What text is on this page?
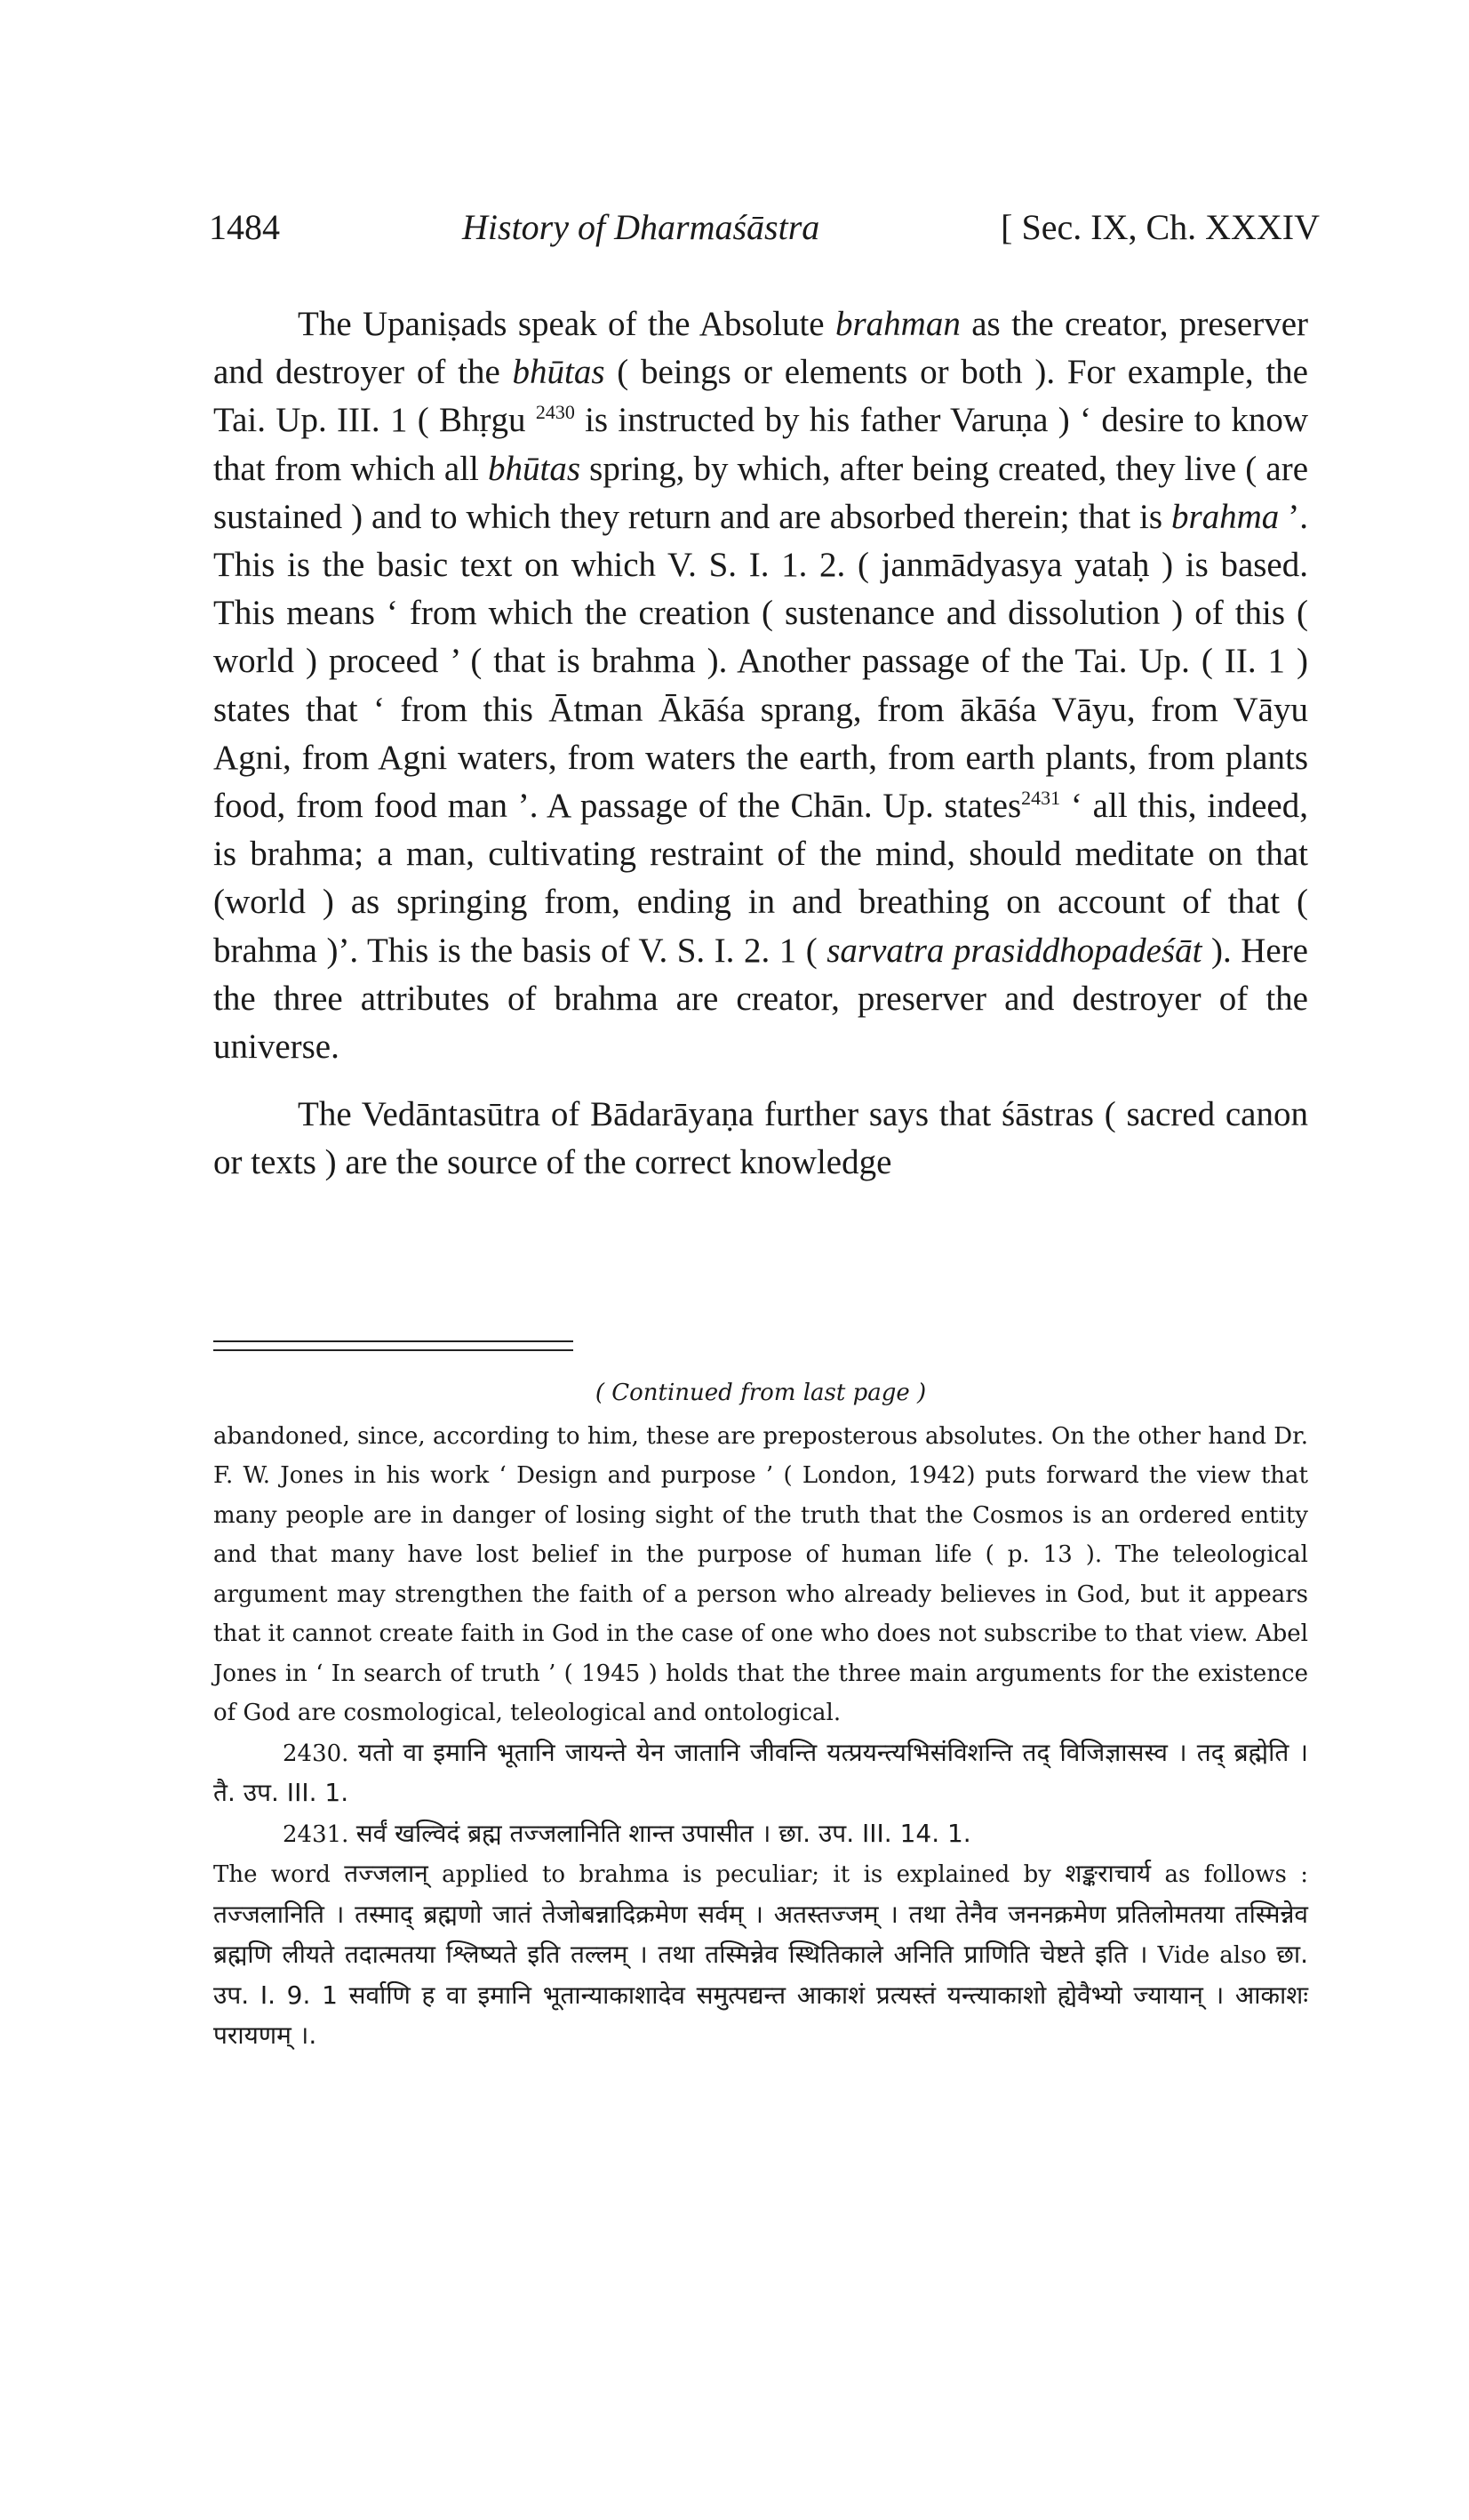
1484	History of Dharmaśāstra	[ Sec. IX, Ch. XXXIV

The Upaniṣads speak of the Absolute brahman as the creator, preserver and destroyer of the bhūtas ( beings or elements or both ). For example, the Tai. Up. III. 1 ( Bhṛgu $^{2430}$ is instructed by his father Varuṇa ) ‘ desire to know that from which all bhūtas spring, by which, after being created, they live ( are sustained ) and to which they return and are absorbed therein; that is brahma ’. This is the basic text on which V. S. I. 1. 2. ( janmādyasya yataḥ ) is based. This means ‘ from which the creation ( sustenance and dissolution ) of this ( world ) proceed ’ ( that is brahma ). Another passage of the Tai. Up. ( II. 1 ) states that ‘ from this Ātman Ākāśa sprang, from ākāśa Vāyu, from Vāyu Agni, from Agni waters, from waters the earth, from earth plants, from plants food, from food man ’. A passage of the Chān. Up. states$^{2431}$ ‘ all this, indeed, is brahma; a man, cultivating restraint of the mind, should meditate on that (world ) as springing from, ending in and breathing on account of that ( brahma )’. This is the basis of V. S. I. 2. 1 ( sarvatra prasiddhopadeśāt ). Here the three attributes of brahma are creator, preserver and destroyer of the universe.

The Vedāntasūtra of Bādarāyaṇa further says that śāstras ( sacred canon or texts ) are the source of the correct knowledge

( Continued from last page )

abandoned, since, according to him, these are preposterous absolutes. On the other hand Dr. F. W. Jones in his work ‘ Design and purpose ’ ( London, 1942) puts forward the view that many people are in danger of losing sight of the truth that the Cosmos is an ordered entity and that many have lost belief in the purpose of human life ( p. 13 ). The teleological argument may strengthen the faith of a person who already believes in God, but it appears that it cannot create faith in God in the case of one who does not subscribe to that view. Abel Jones in ‘ In search of truth ’ ( 1945 ) holds that the three main arguments for the existence of God are cosmological, teleological and ontological.

2430. यतो वा इमानि भूतानि जायन्ते येन जातानि जीवन्ति यत्प्रयन्त्यभिसंविशन्ति तद् विजिज्ञासस्व । तद् ब्रह्मेति । तै. उप. III. 1.

2431. सर्वं खल्विदं ब्रह्म तज्जलानिति शान्त उपासीत । छा. उप. III. 14. 1.

The word तज्जलान् applied to brahma is peculiar; it is explained by शङ्कराचार्य as follows : तज्जलानिति । तस्माद् ब्रह्मणो जातं तेजोबन्नादिक्रमेण सर्वम् । अतस्तज्जम् । तथा तेनैव जननक्रमेण प्रतिलोमतया तस्मिन्नेव ब्रह्मणि लीयते तदात्मतया श्लिष्यते इति तल्लम् । तथा तस्मिन्नेव स्थितिकाले अनिति प्राणिति चेष्टते इति । Vide also छा. उप. I. 9. 1 सर्वाणि ह वा इमानि भूतान्याकाशादेव समुत्पद्यन्त आकाशं प्रत्यस्तं यन्त्याकाशो ह्येवैभ्यो ज्यायान् । आकाशः परायणम् ।.
